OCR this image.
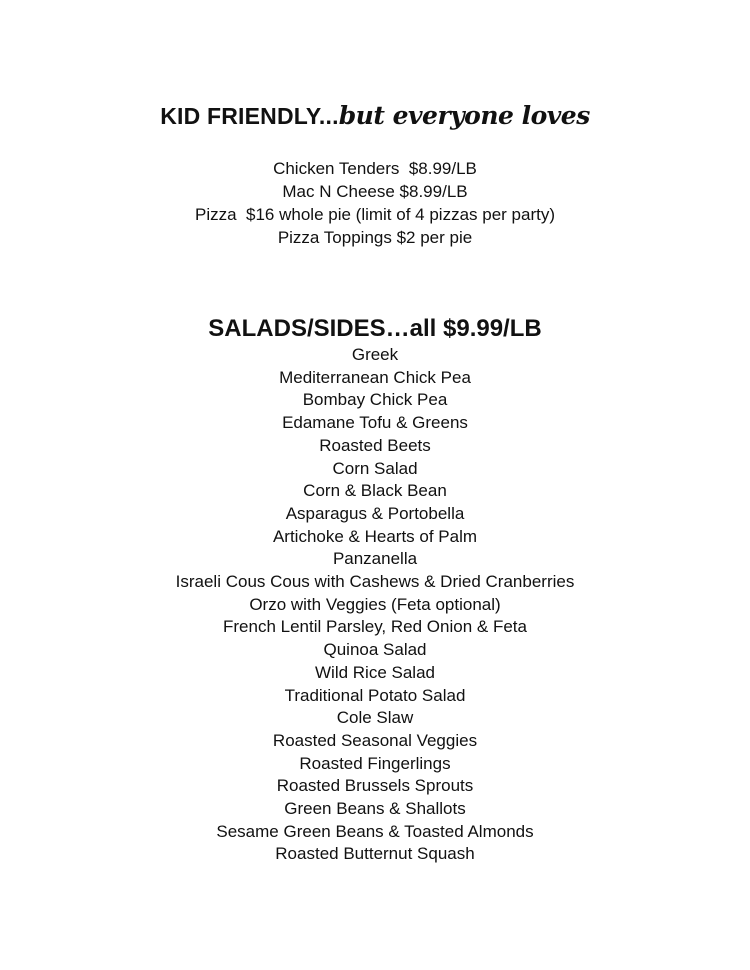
KID FRIENDLY...but everyone loves
Chicken Tenders  $8.99/LB
Mac N Cheese $8.99/LB
Pizza  $16 whole pie (limit of 4 pizzas per party)
Pizza Toppings $2 per pie
SALADS/SIDES…all $9.99/LB
Greek
Mediterranean Chick Pea
Bombay Chick Pea
Edamane Tofu & Greens
Roasted Beets
Corn Salad
Corn & Black Bean
Asparagus & Portobella
Artichoke & Hearts of Palm
Panzanella
Israeli Cous Cous with Cashews & Dried Cranberries
Orzo with Veggies (Feta optional)
French Lentil Parsley, Red Onion & Feta
Quinoa Salad
Wild Rice Salad
Traditional Potato Salad
Cole Slaw
Roasted Seasonal Veggies
Roasted Fingerlings
Roasted Brussels Sprouts
Green Beans & Shallots
Sesame Green Beans & Toasted Almonds
Roasted Butternut Squash
